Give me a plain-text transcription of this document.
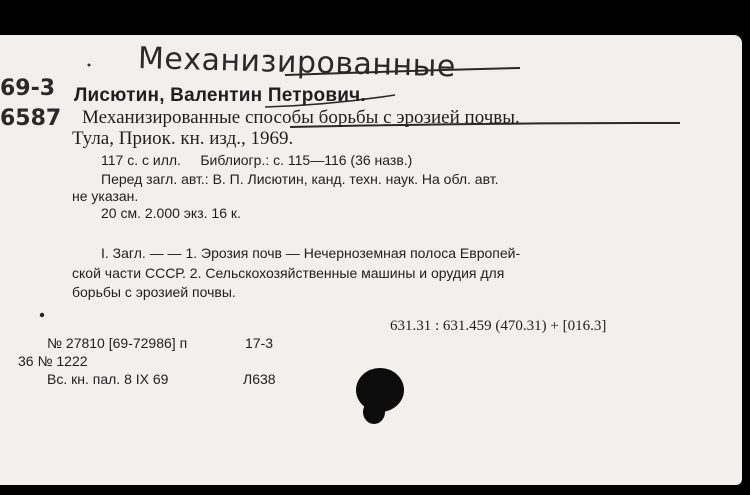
Механизированные
69-3
6587
Лисютин, Валентин Петрович.
Механизированные способы борьбы с эрозией почвы.
Тула, Приок. кн. изд., 1969.
117 с. с илл.     Библиогр.: с. 115—116 (36 назв.)
Перед загл. авт.: В. П. Лисютин, канд. техн. наук. На обл. авт.
не указан.
20 см. 2.000 экз. 16 к.
I. Загл. — — 1. Эрозия почв — Нечерноземная полоса Европей-
ской части СССР. 2. Сельскохозяйственные машины и орудия для
борьбы с эрозией почвы.
631.31 : 631.459 (470.31) + [016.3]
№ 27810 [69-72986] п	17-3
36 № 1222
Вс. кн. пал. 8 IX 69	Л638
